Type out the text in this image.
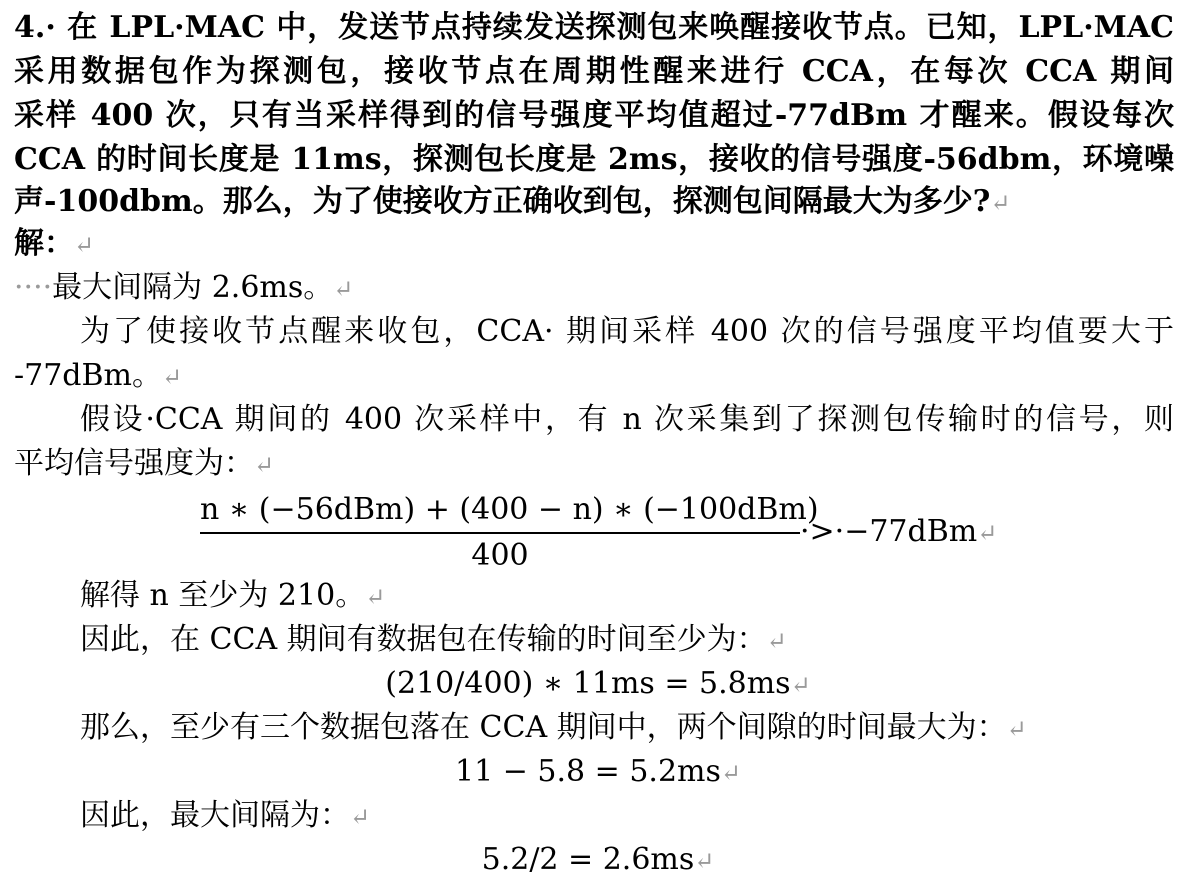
4.· 在 LPL·MAC 中，发送节点持续发送探测包来唤醒接收节点。已知，LPL·MAC
采用数据包作为探测包，接收节点在周期性醒来进行 CCA，在每次 CCA 期间
采样 400 次，只有当采样得到的信号强度平均值超过-77dBm 才醒来。假设每次
CCA 的时间长度是 11ms，探测包长度是 2ms，接收的信号强度-56dbm，环境噪
声-100dbm。那么，为了使接收方正确收到包，探测包间隔最大为多少?↵
解：↵
····最大间隔为 2.6ms。↵
为了使接收节点醒来收包，CCA· 期间采样 400 次的信号强度平均值要大于
-77dBm。↵
假设·CCA 期间的 400 次采样中，有 n 次采集到了探测包传输时的信号，则
平均信号强度为：↵
n ∗ (−56dBm) + (400 − n) ∗ (−100dBm)
400
·>·−77dBm↵
解得 n 至少为 210。↵
因此，在 CCA 期间有数据包在传输的时间至少为：↵
(210/400) ∗ 11ms = 5.8ms↵
那么，至少有三个数据包落在 CCA 期间中，两个间隙的时间最大为：↵
11 − 5.8 = 5.2ms↵
因此，最大间隔为：↵
5.2/2 = 2.6ms↵
